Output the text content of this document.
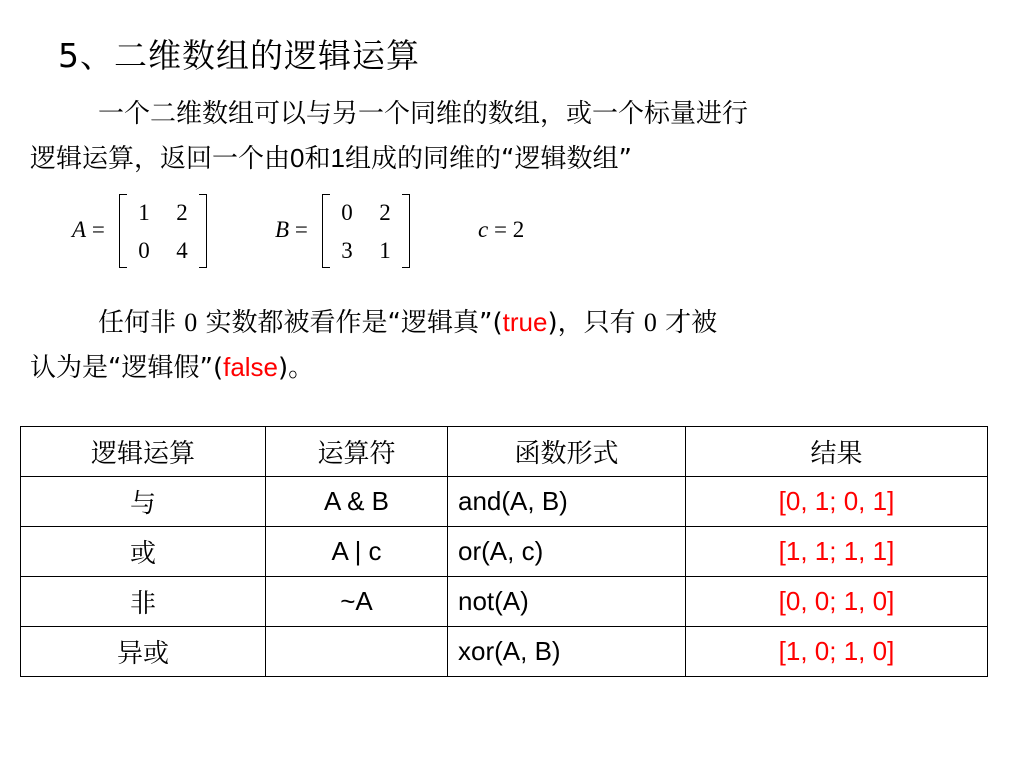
5、二维数组的逻辑运算
一个二维数组可以与另一个同维的数组，或一个标量进行
逻辑运算，返回一个由0和1组成的同维的“逻辑数组”
A =
1 2
0 4
B =
0 2
3 1
c = 2
任何非 0 实数都被看作是“逻辑真”(true)，只有 0 才被
认为是“逻辑假”(false)。
逻辑运算	运算符	函数形式	结果
与	A & B	and(A, B)	[0, 1; 0, 1]
或	A | c	or(A, c)	[1, 1; 1, 1]
非	~A	not(A)	[0, 0; 1, 0]
异或		xor(A, B)	[1, 0; 1, 0]
